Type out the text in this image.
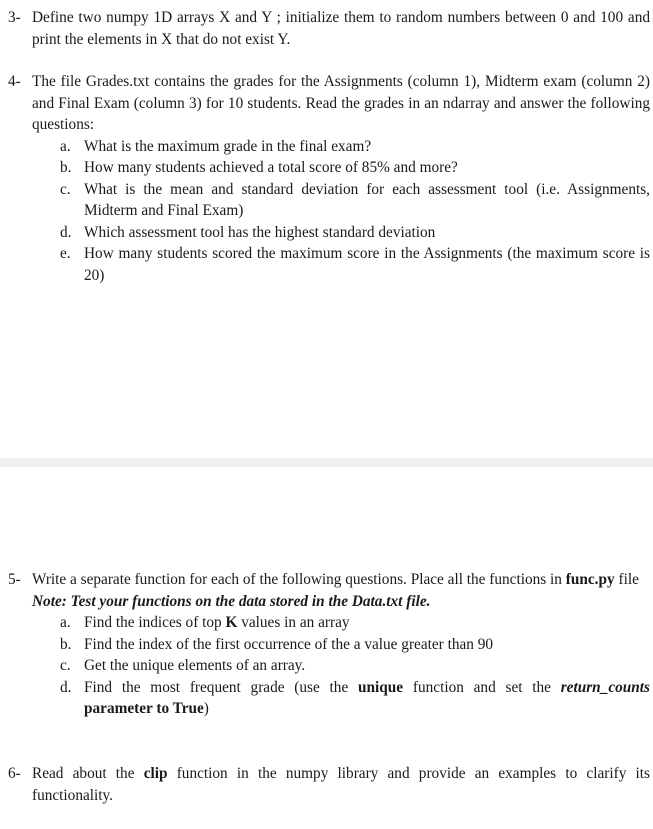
3- Define two numpy 1D arrays X and Y ; initialize them to random numbers between 0 and 100 and print the elements in X that do not exist Y.
4- The file Grades.txt contains the grades for the Assignments (column 1), Midterm exam (column 2) and Final Exam (column 3) for 10 students. Read the grades in an ndarray and answer the following questions:
a. What is the maximum grade in the final exam?
b. How many students achieved a total score of 85% and more?
c. What is the mean and standard deviation for each assessment tool (i.e. Assignments, Midterm and Final Exam)
d. Which assessment tool has the highest standard deviation
e. How many students scored the maximum score in the Assignments (the maximum score is 20)
5- Write a separate function for each of the following questions. Place all the functions in func.py file
Note: Test your functions on the data stored in the Data.txt file.
a. Find the indices of top K values in an array
b. Find the index of the first occurrence of the a value greater than 90
c. Get the unique elements of an array.
d. Find the most frequent grade (use the unique function and set the return_counts parameter to True)
6- Read about the clip function in the numpy library and provide an examples to clarify its functionality.
